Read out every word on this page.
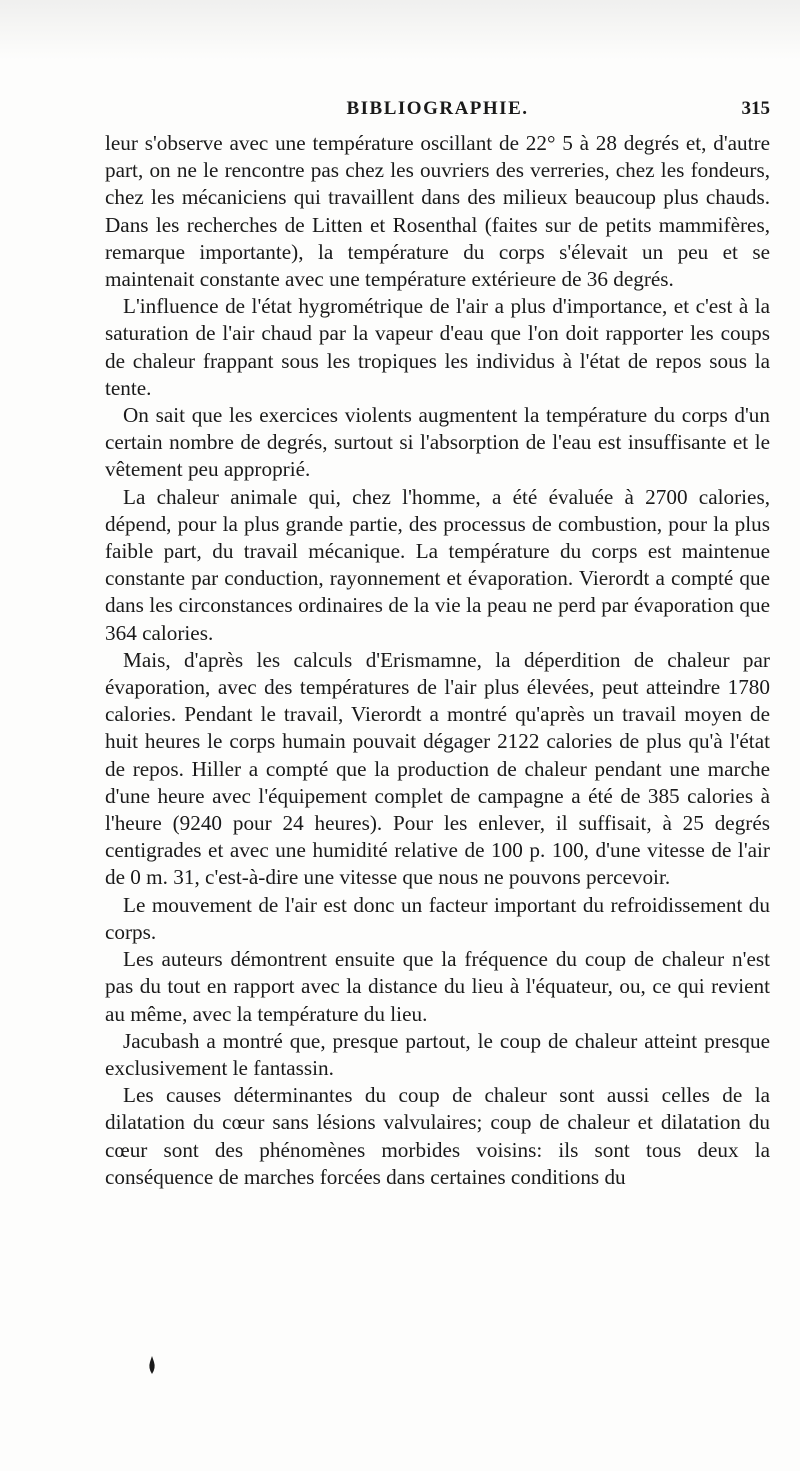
BIBLIOGRAPHIE.	315

leur s'observe avec une température oscillant de 22° 5 à 28 degrés et, d'autre part, on ne le rencontre pas chez les ouvriers des verreries, chez les fondeurs, chez les mécaniciens qui travaillent dans des milieux beaucoup plus chauds. Dans les recherches de Litten et Rosenthal (faites sur de petits mammifères, remarque importante), la température du corps s'élevait un peu et se maintenait constante avec une température extérieure de 36 degrés.

L'influence de l'état hygrométrique de l'air a plus d'importance, et c'est à la saturation de l'air chaud par la vapeur d'eau que l'on doit rapporter les coups de chaleur frappant sous les tropiques les individus à l'état de repos sous la tente.

On sait que les exercices violents augmentent la température du corps d'un certain nombre de degrés, surtout si l'absorption de l'eau est insuffisante et le vêtement peu approprié.

La chaleur animale qui, chez l'homme, a été évaluée à 2700 calories, dépend, pour la plus grande partie, des processus de combustion, pour la plus faible part, du travail mécanique. La température du corps est maintenue constante par conduction, rayonnement et évaporation. Vierordt a compté que dans les circonstances ordinaires de la vie la peau ne perd par évaporation que 364 calories.

Mais, d'après les calculs d'Erismamne, la déperdition de chaleur par évaporation, avec des températures de l'air plus élevées, peut atteindre 1780 calories. Pendant le travail, Vierordt a montré qu'après un travail moyen de huit heures le corps humain pouvait dégager 2122 calories de plus qu'à l'état de repos. Hiller a compté que la production de chaleur pendant une marche d'une heure avec l'équipement complet de campagne a été de 385 calories à l'heure (9240 pour 24 heures). Pour les enlever, il suffisait, à 25 degrés centigrades et avec une humidité relative de 100 p. 100, d'une vitesse de l'air de 0 m. 31, c'est-à-dire une vitesse que nous ne pouvons percevoir.

Le mouvement de l'air est donc un facteur important du refroidissement du corps.

Les auteurs démontrent ensuite que la fréquence du coup de chaleur n'est pas du tout en rapport avec la distance du lieu à l'équateur, ou, ce qui revient au même, avec la température du lieu.

Jacubash a montré que, presque partout, le coup de chaleur atteint presque exclusivement le fantassin.

Les causes déterminantes du coup de chaleur sont aussi celles de la dilatation du cœur sans lésions valvulaires; coup de chaleur et dilatation du cœur sont des phénomènes morbides voisins: ils sont tous deux la conséquence de marches forcées dans certaines conditions du
